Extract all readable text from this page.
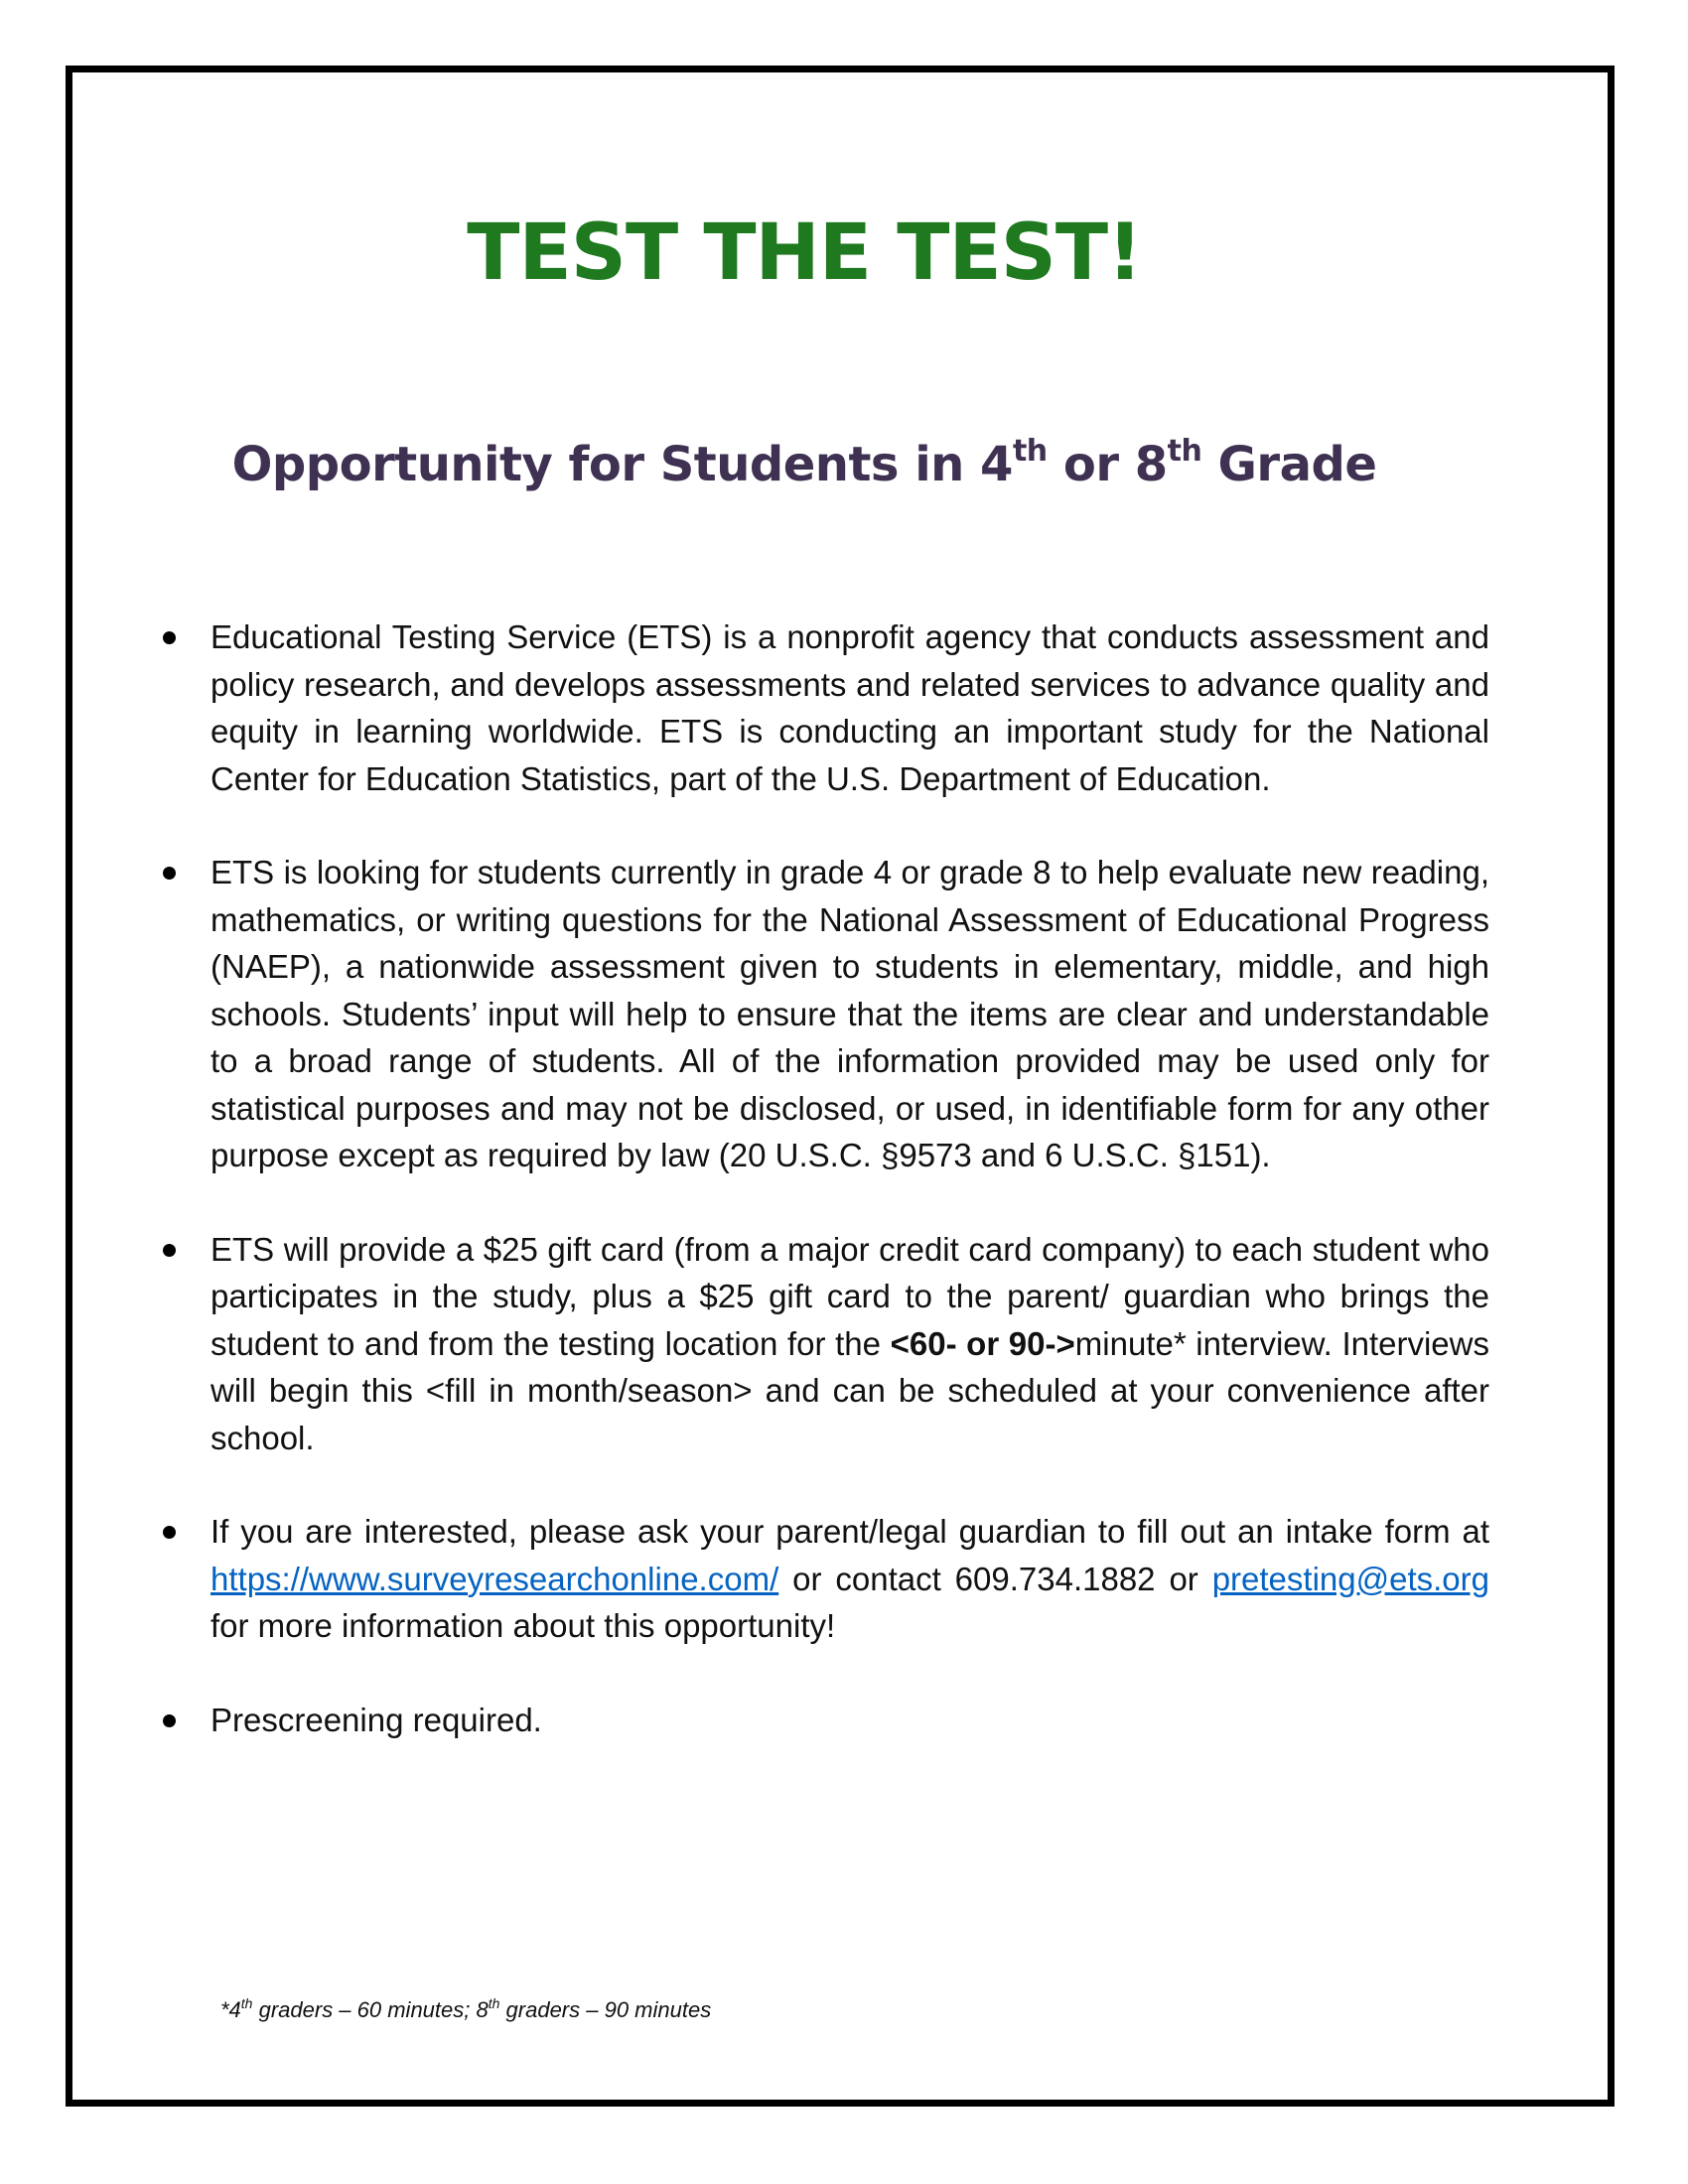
TEST THE TEST!
Opportunity for Students in 4th or 8th Grade
Educational Testing Service (ETS) is a nonprofit agency that conducts assessment and policy research, and develops assessments and related services to advance quality and equity in learning worldwide. ETS is conducting an important study for the National Center for Education Statistics, part of the U.S. Department of Education.
ETS is looking for students currently in grade 4 or grade 8 to help evaluate new reading, mathematics, or writing questions for the National Assessment of Educational Progress (NAEP), a nationwide assessment given to students in elementary, middle, and high schools. Students’ input will help to ensure that the items are clear and understandable to a broad range of students. All of the information provided may be used only for statistical purposes and may not be disclosed, or used, in identifiable form for any other purpose except as required by law (20 U.S.C. §9573 and 6 U.S.C. §151).
ETS will provide a $25 gift card (from a major credit card company) to each student who participates in the study, plus a $25 gift card to the parent/ guardian who brings the student to and from the testing location for the <60- or 90->minute* interview. Interviews will begin this <fill in month/season> and can be scheduled at your convenience after school.
If you are interested, please ask your parent/legal guardian to fill out an intake form at https://www.surveyresearchonline.com/ or contact 609.734.1882 or pretesting@ets.org for more information about this opportunity!
Prescreening required.
*4th graders – 60 minutes; 8th graders – 90 minutes
